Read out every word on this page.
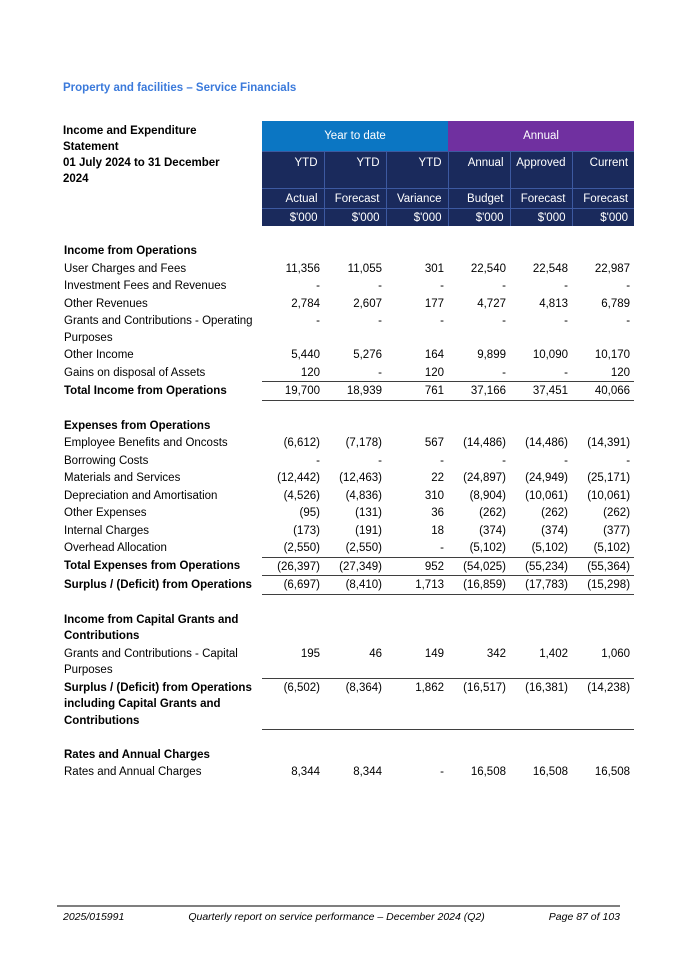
Property and facilities – Service Financials
Income and Expenditure Statement
01 July 2024 to 31 December 2024	Year to date			Annual		
	YTD	YTD	YTD	Annual	Approved	Current
	Actual	Forecast	Variance	Budget	Forecast	Forecast
	$'000	$'000	$'000	$'000	$'000	$'000

Income from Operations						

User Charges and Fees	11,356	11,055	301	22,540	22,548	22,987
Investment Fees and Revenues	-	-	-	-	-	-
Other Revenues	2,784	2,607	177	4,727	4,813	6,789
Grants and Contributions - Operating Purposes	-	-	-	-	-	-
Other Income	5,440	5,276	164	9,899	10,090	10,170
Gains on disposal of Assets	120	-	120	-	-	120
Total Income from Operations	19,700	18,939	761	37,166	37,451	40,066

Expenses from Operations						

Employee Benefits and Oncosts	(6,612)	(7,178)	567	(14,486)	(14,486)	(14,391)
Borrowing Costs	-	-	-	-	-	-
Materials and Services	(12,442)	(12,463)	22	(24,897)	(24,949)	(25,171)
Depreciation and Amortisation	(4,526)	(4,836)	310	(8,904)	(10,061)	(10,061)
Other Expenses	(95)	(131)	36	(262)	(262)	(262)
Internal Charges	(173)	(191)	18	(374)	(374)	(377)
Overhead Allocation	(2,550)	(2,550)	-	(5,102)	(5,102)	(5,102)
Total Expenses from Operations	(26,397)	(27,349)	952	(54,025)	(55,234)	(55,364)
Surplus / (Deficit) from Operations	(6,697)	(8,410)	1,713	(16,859)	(17,783)	(15,298)

Income from Capital Grants and Contributions						

Grants and Contributions - Capital Purposes	195	46	149	342	1,402	1,060
Surplus / (Deficit) from Operations including Capital Grants and Contributions	(6,502)	(8,364)	1,862	(16,517)	(16,381)	(14,238)

Rates and Annual Charges						

Rates and Annual Charges	8,344	8,344	-	16,508	16,508	16,508
2025/015991	Quarterly report on service performance – December 2024 (Q2)	Page 87 of 103
